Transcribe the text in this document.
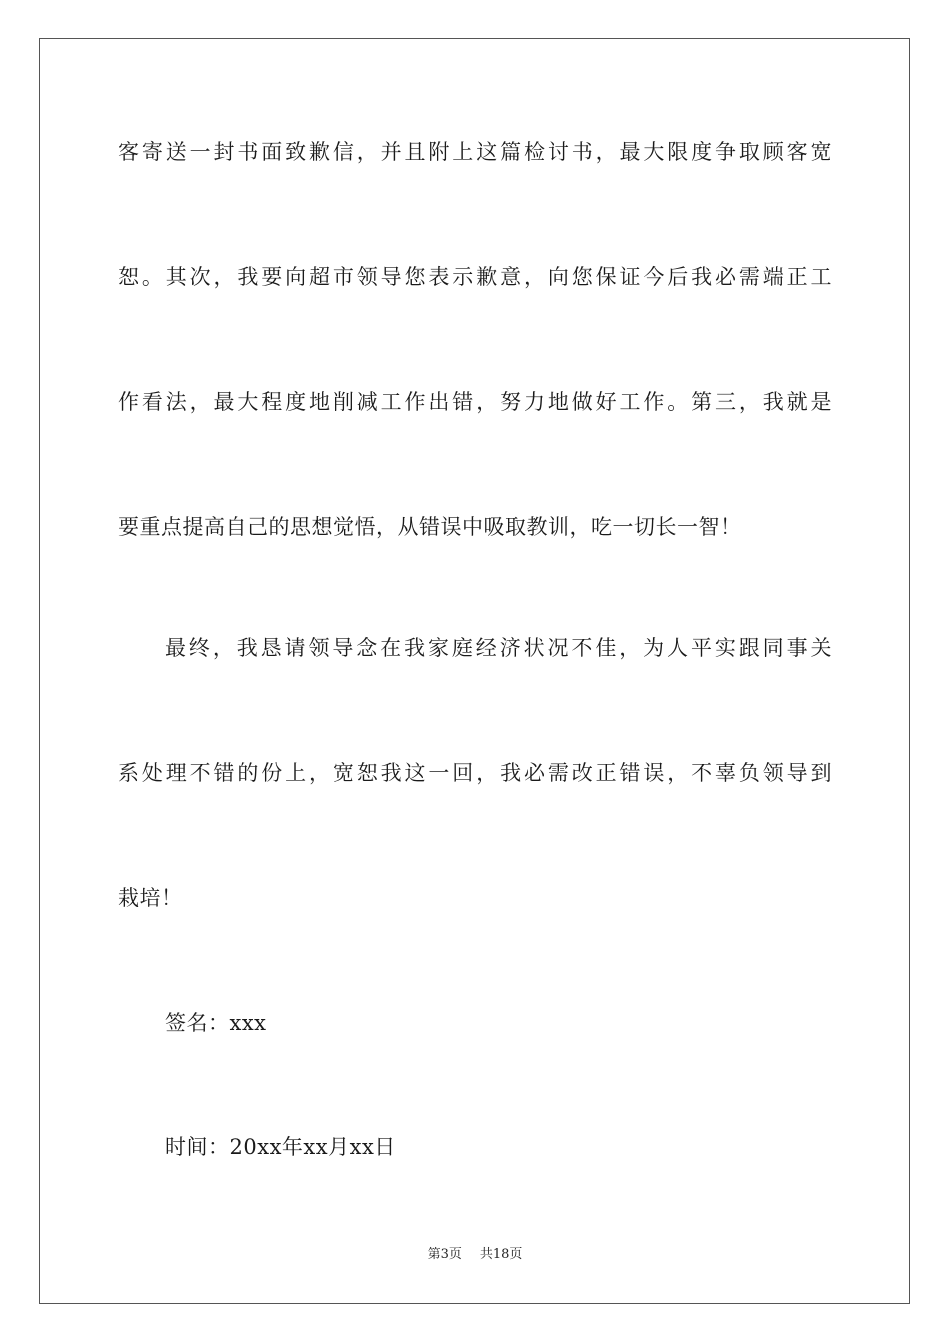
客寄送一封书面致歉信，并且附上这篇检讨书，最大限度争取顾客宽
恕。其次，我要向超市领导您表示歉意，向您保证今后我必需端正工
作看法，最大程度地削减工作出错，努力地做好工作。第三，我就是
要重点提高自己的思想觉悟，从错误中吸取教训，吃一切长一智！
最终，我恳请领导念在我家庭经济状况不佳，为人平实跟同事关
系处理不错的份上，宽恕我这一回，我必需改正错误，不辜负领导到
栽培！
签名：xxx
时间：20xx年xx月xx日
第3页 共18页
